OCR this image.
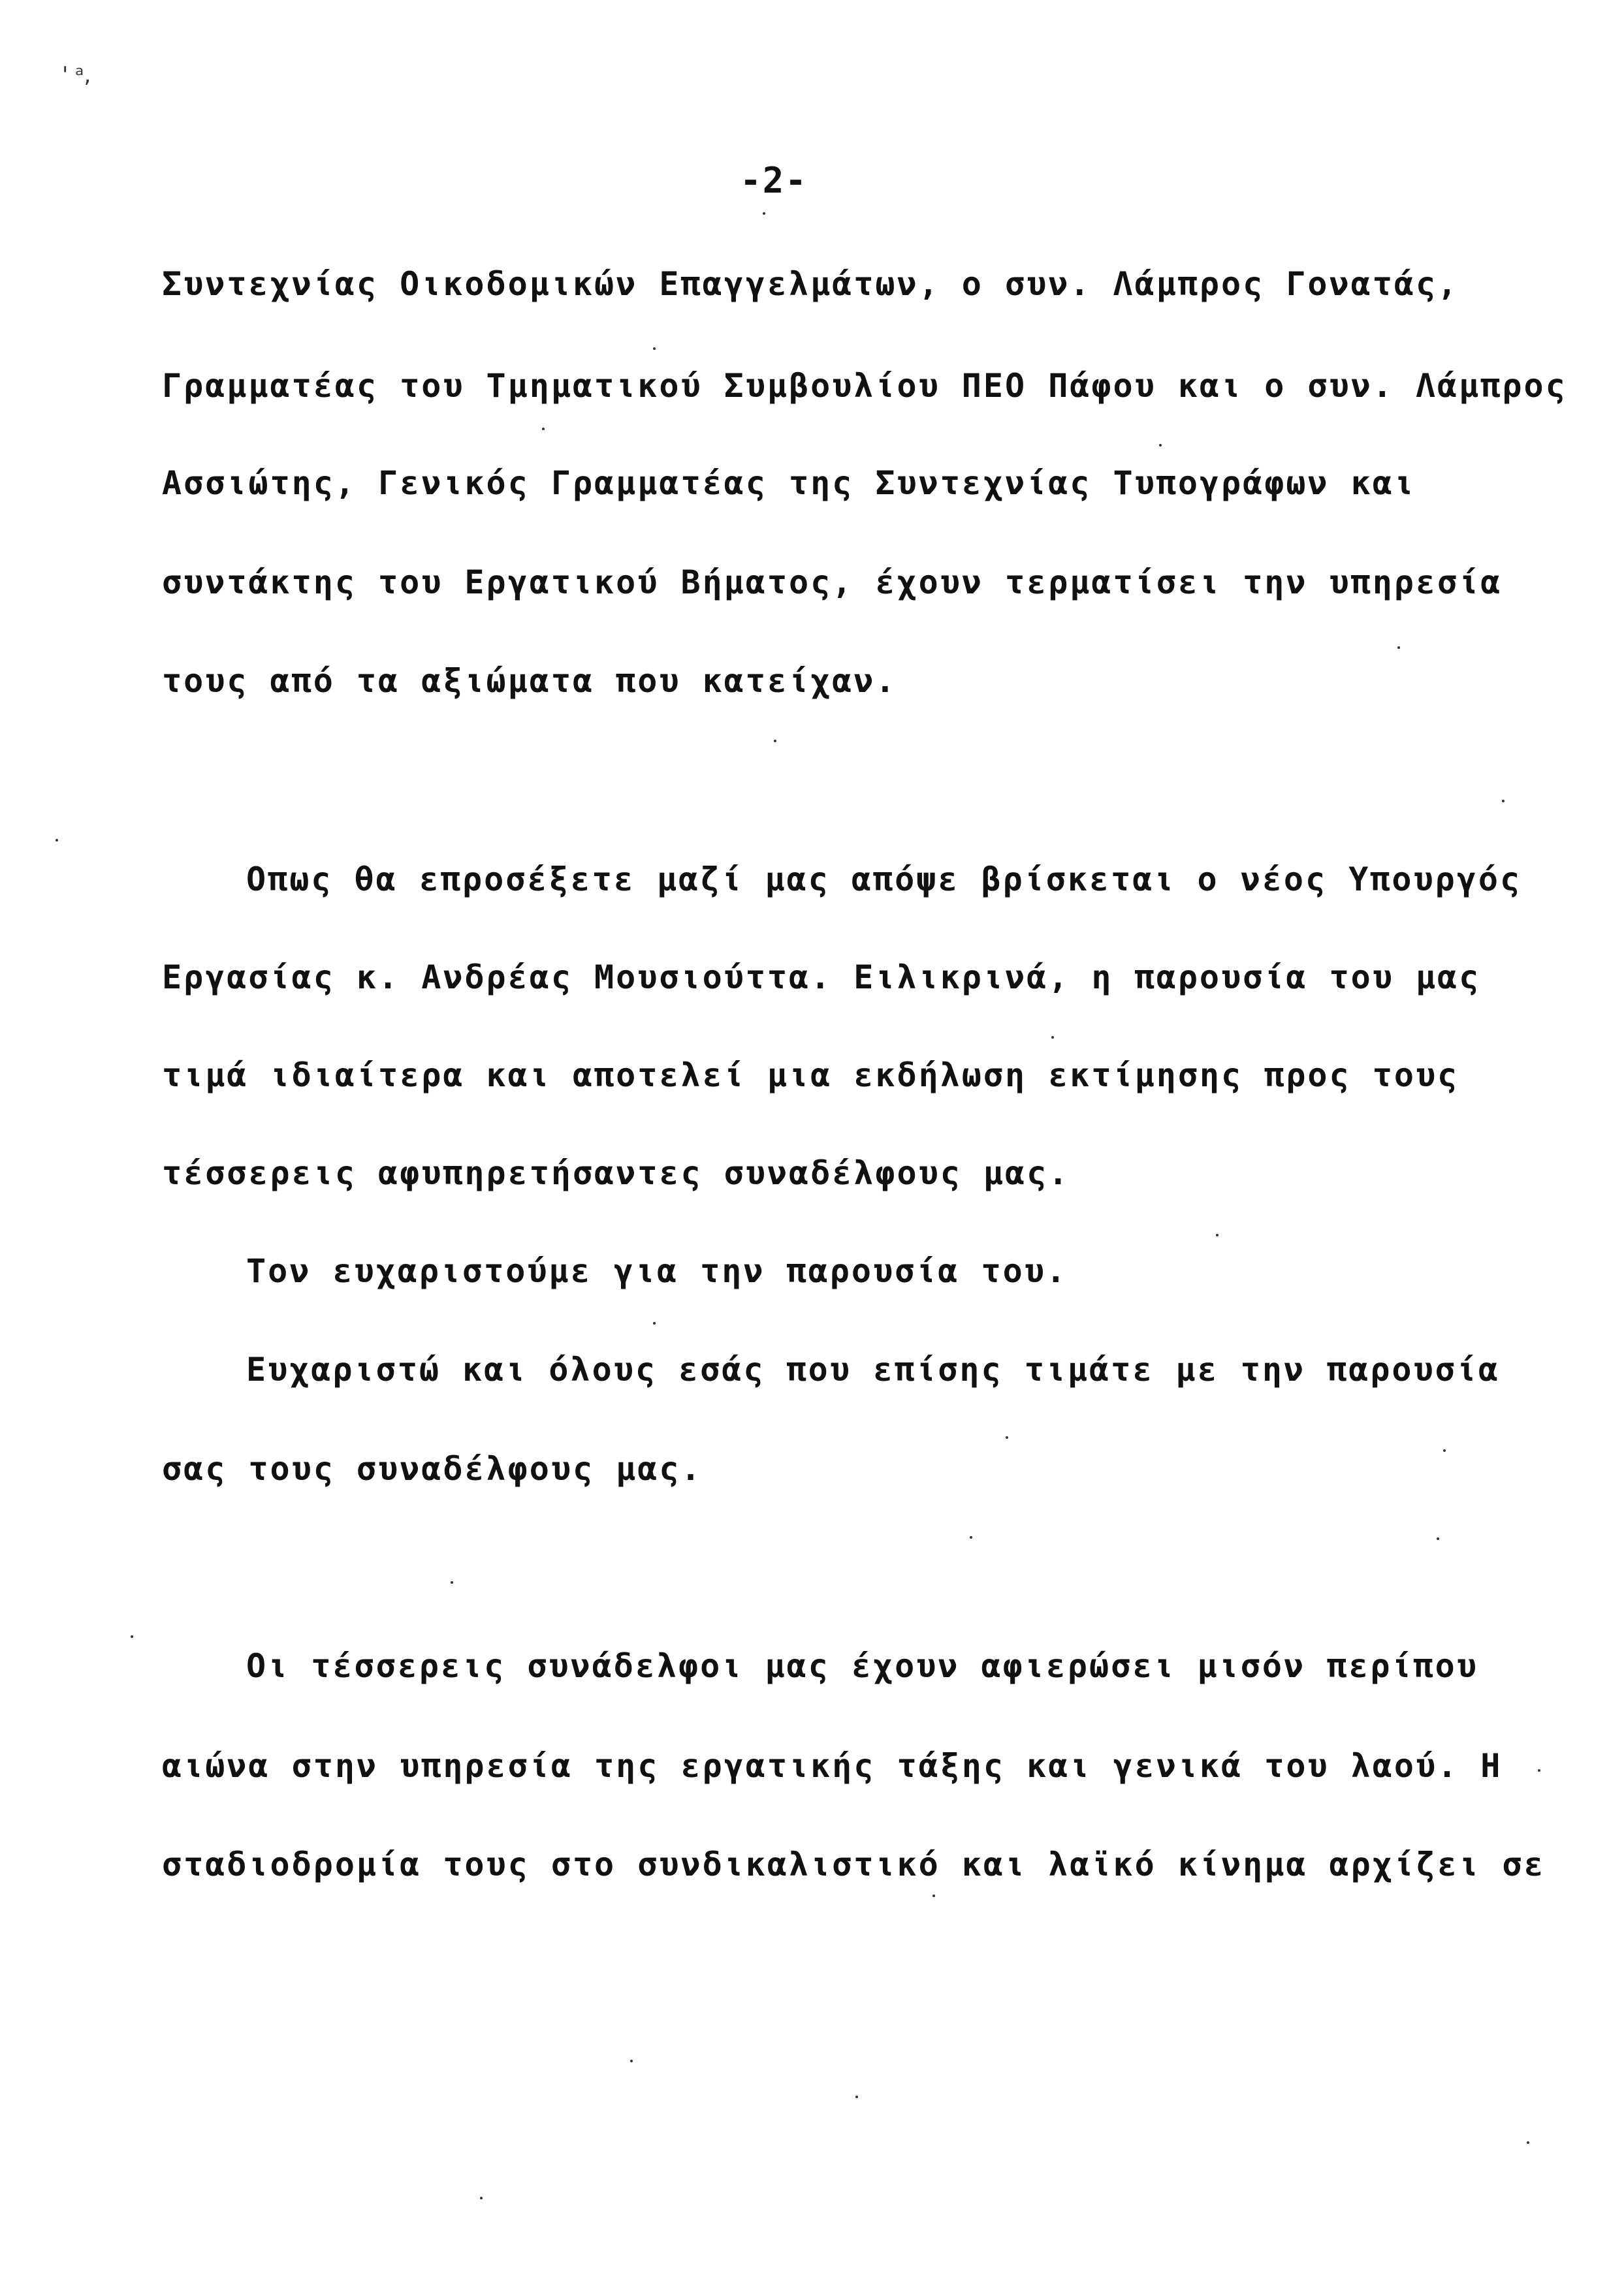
' ᵃ,
-2-
Συντεχνίας Οικοδομικών Επαγγελμάτων, ο συν. Λάμπρος Γονατάς,
Γραμματέας του Τμηματικού Συμβουλίου ΠΕΟ Πάφου και ο συν. Λάμπρος
Ασσιώτης, Γενικός Γραμματέας της Συντεχνίας Τυπογράφων και
συντάκτης του Εργατικού Βήματος, έχουν τερματίσει την υπηρεσία
τους από τα αξιώματα που κατείχαν.
Οπως θα επροσέξετε μαζί μας απόψε βρίσκεται ο νέος Υπουργός
Εργασίας κ. Ανδρέας Μουσιούττα. Ειλικρινά, η παρουσία του μας
τιμά ιδιαίτερα και αποτελεί μια εκδήλωση εκτίμησης προς τους
τέσσερεις αφυπηρετήσαντες συναδέλφους μας.
Τον ευχαριστούμε για την παρουσία του.
Ευχαριστώ και όλους εσάς που επίσης τιμάτε με την παρουσία
σας τους συναδέλφους μας.
Οι τέσσερεις συνάδελφοι μας έχουν αφιερώσει μισόν περίπου
αιώνα στην υπηρεσία της εργατικής τάξης και γενικά του λαού. Η
σταδιοδρομία τους στο συνδικαλιστικό και λαϊκό κίνημα αρχίζει σε
